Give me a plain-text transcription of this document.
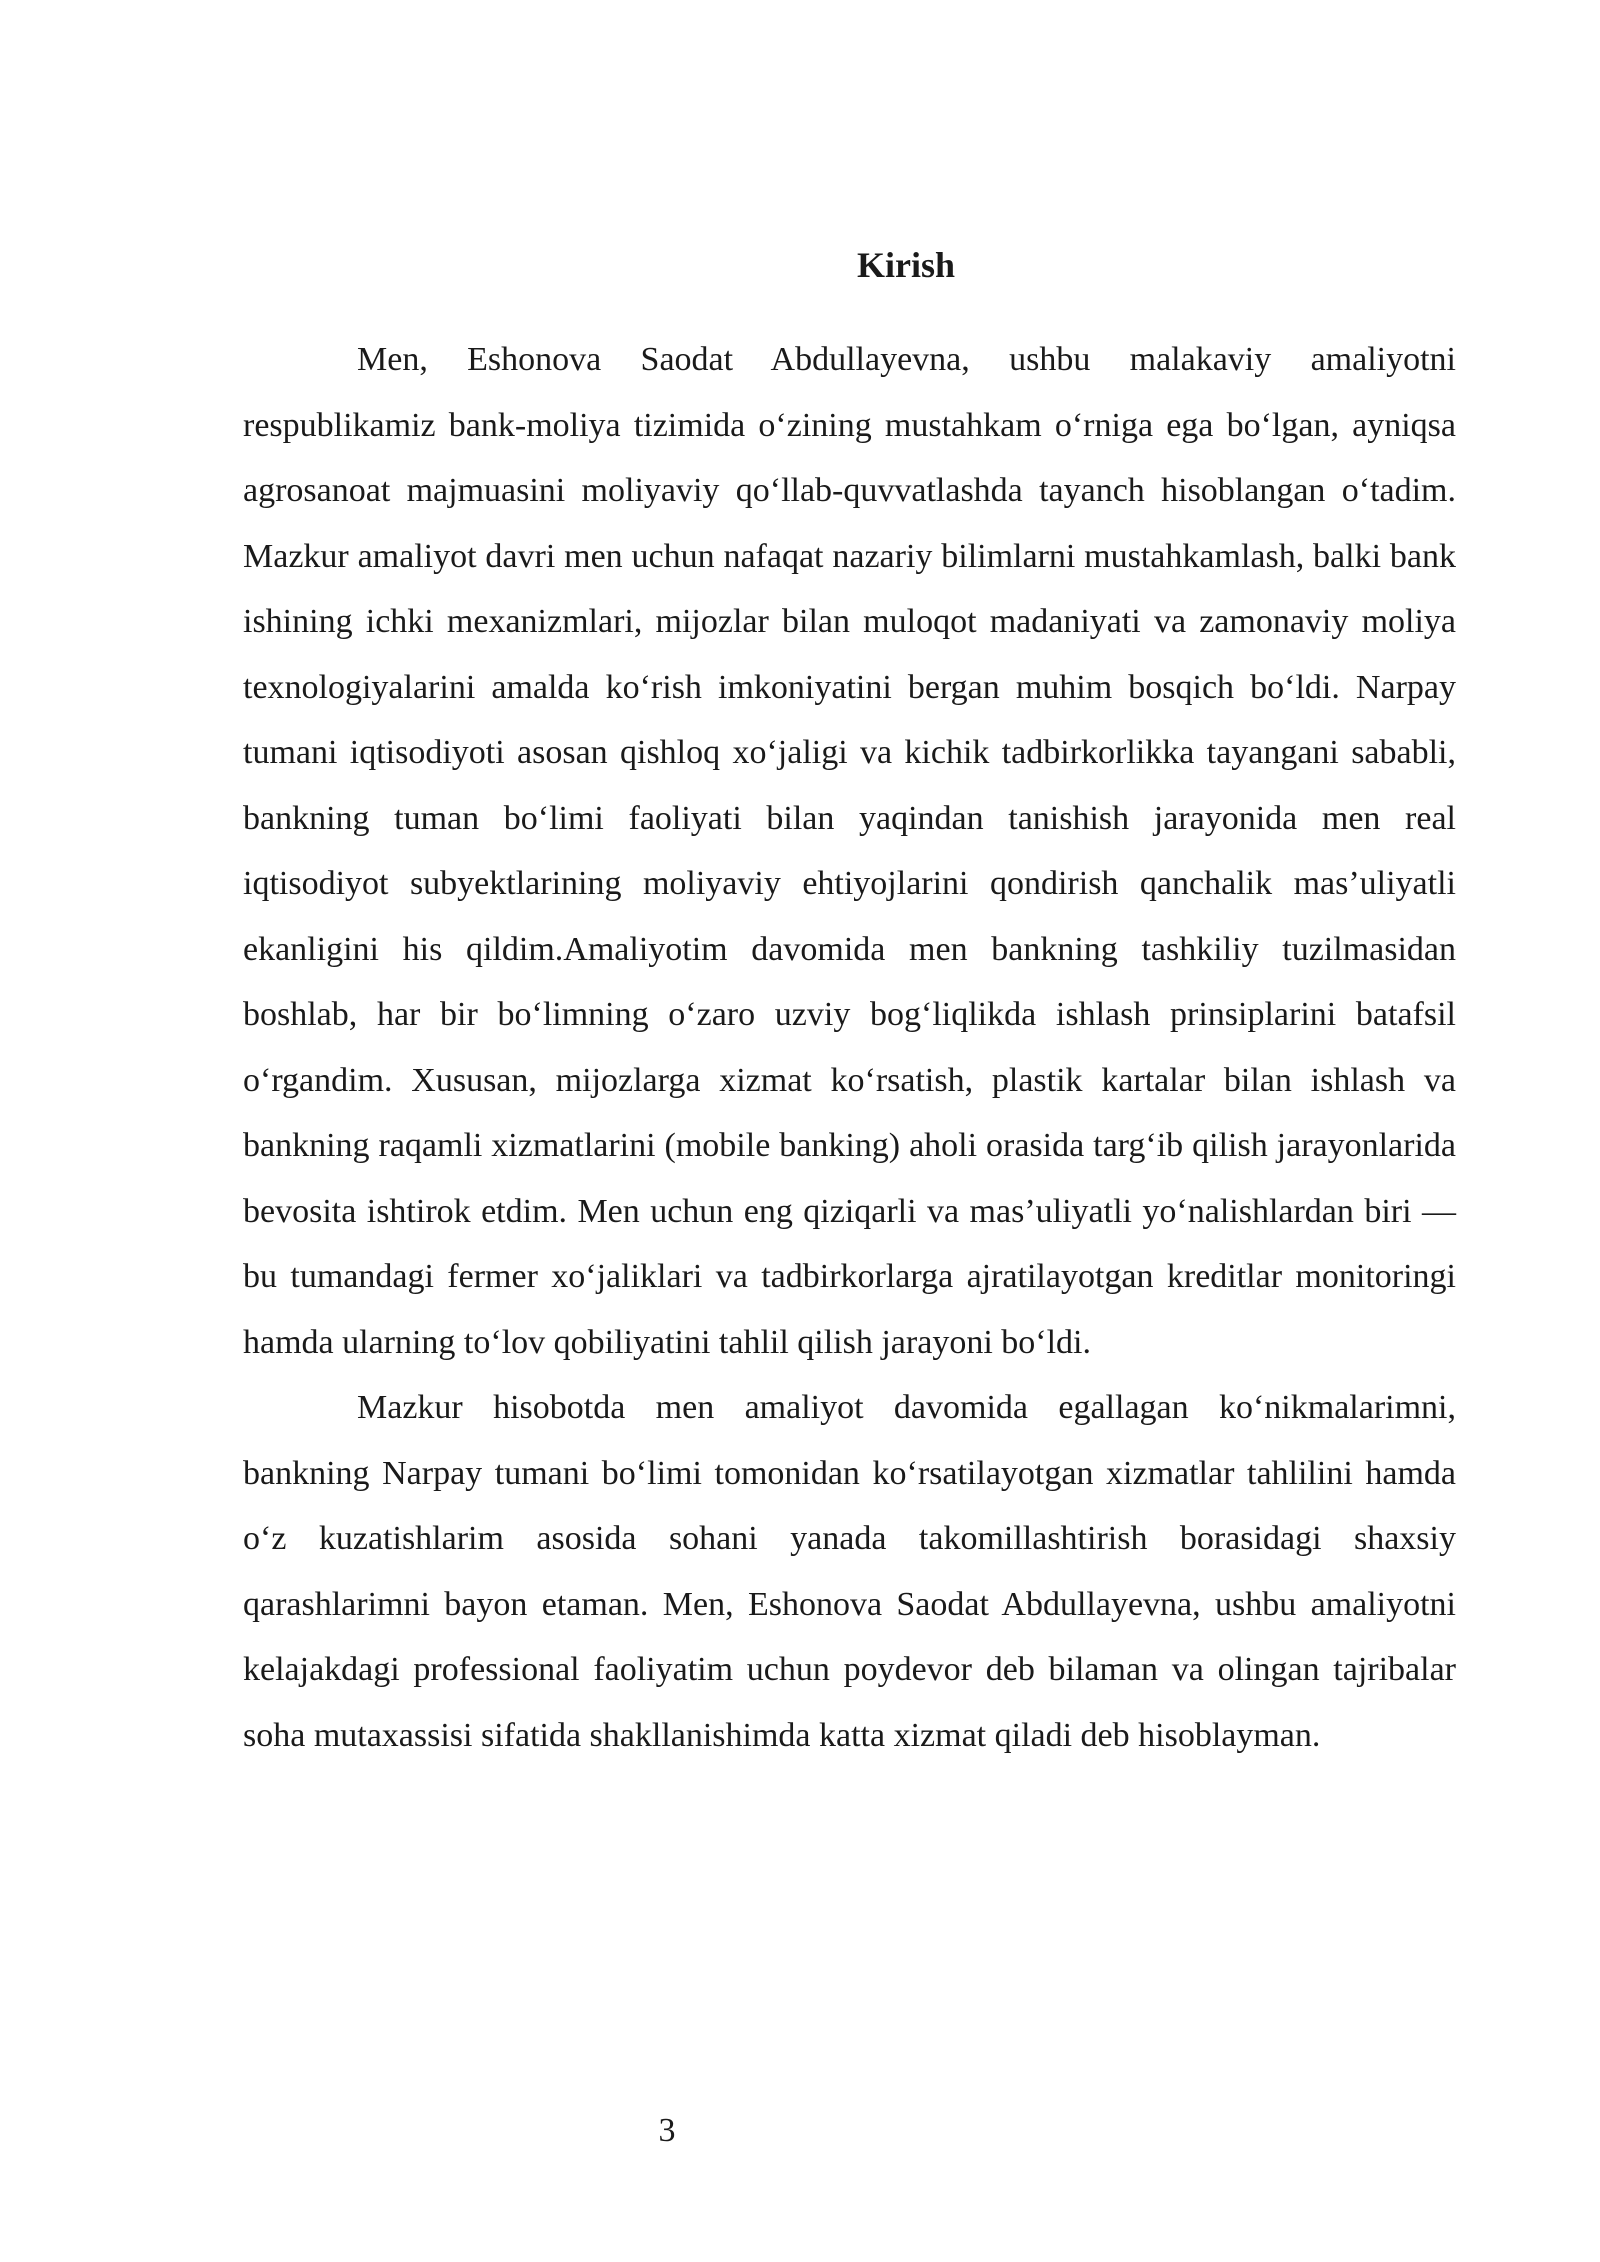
Kirish

Men, Eshonova Saodat Abdullayevna, ushbu malakaviy amaliyotni respublikamiz bank-moliya tizimida o‘zining mustahkam o‘rniga ega bo‘lgan, ayniqsa agrosanoat majmuasini moliyaviy qo‘llab-quvvatlashda tayanch hisoblangan o‘tadim. Mazkur amaliyot davri men uchun nafaqat nazariy bilimlarni mustahkamlash, balki bank ishining ichki mexanizmlari, mijozlar bilan muloqot madaniyati va zamonaviy moliya texnologiyalarini amalda ko‘rish imkoniyatini bergan muhim bosqich bo‘ldi. Narpay tumani iqtisodiyoti asosan qishloq xo‘jaligi va kichik tadbirkorlikka tayangani sababli, bankning tuman bo‘limi faoliyati bilan yaqindan tanishish jarayonida men real iqtisodiyot subyektlarining moliyaviy ehtiyojlarini qondirish qanchalik mas’uliyatli ekanligini his qildim.Amaliyotim davomida men bankning tashkiliy tuzilmasidan boshlab, har bir bo‘limning o‘zaro uzviy bog‘liqlikda ishlash prinsiplarini batafsil o‘rgandim. Xususan, mijozlarga xizmat ko‘rsatish, plastik kartalar bilan ishlash va bankning raqamli xizmatlarini (mobile banking) aholi orasida targ‘ib qilish jarayonlarida bevosita ishtirok etdim. Men uchun eng qiziqarli va mas’uliyatli yo‘nalishlardan biri — bu tumandagi fermer xo‘jaliklari va tadbirkorlarga ajratilayotgan kreditlar monitoringi hamda ularning to‘lov qobiliyatini tahlil qilish jarayoni bo‘ldi.

Mazkur hisobotda men amaliyot davomida egallagan ko‘nikmalarimni, bankning Narpay tumani bo‘limi tomonidan ko‘rsatilayotgan xizmatlar tahlilini hamda o‘z kuzatishlarim asosida sohani yanada takomillashtirish borasidagi shaxsiy qarashlarimni bayon etaman. Men, Eshonova Saodat Abdullayevna, ushbu amaliyotni kelajakdagi professional faoliyatim uchun poydevor deb bilaman va olingan tajribalar soha mutaxassisi sifatida shakllanishimda katta xizmat qiladi deb hisoblayman.

3
